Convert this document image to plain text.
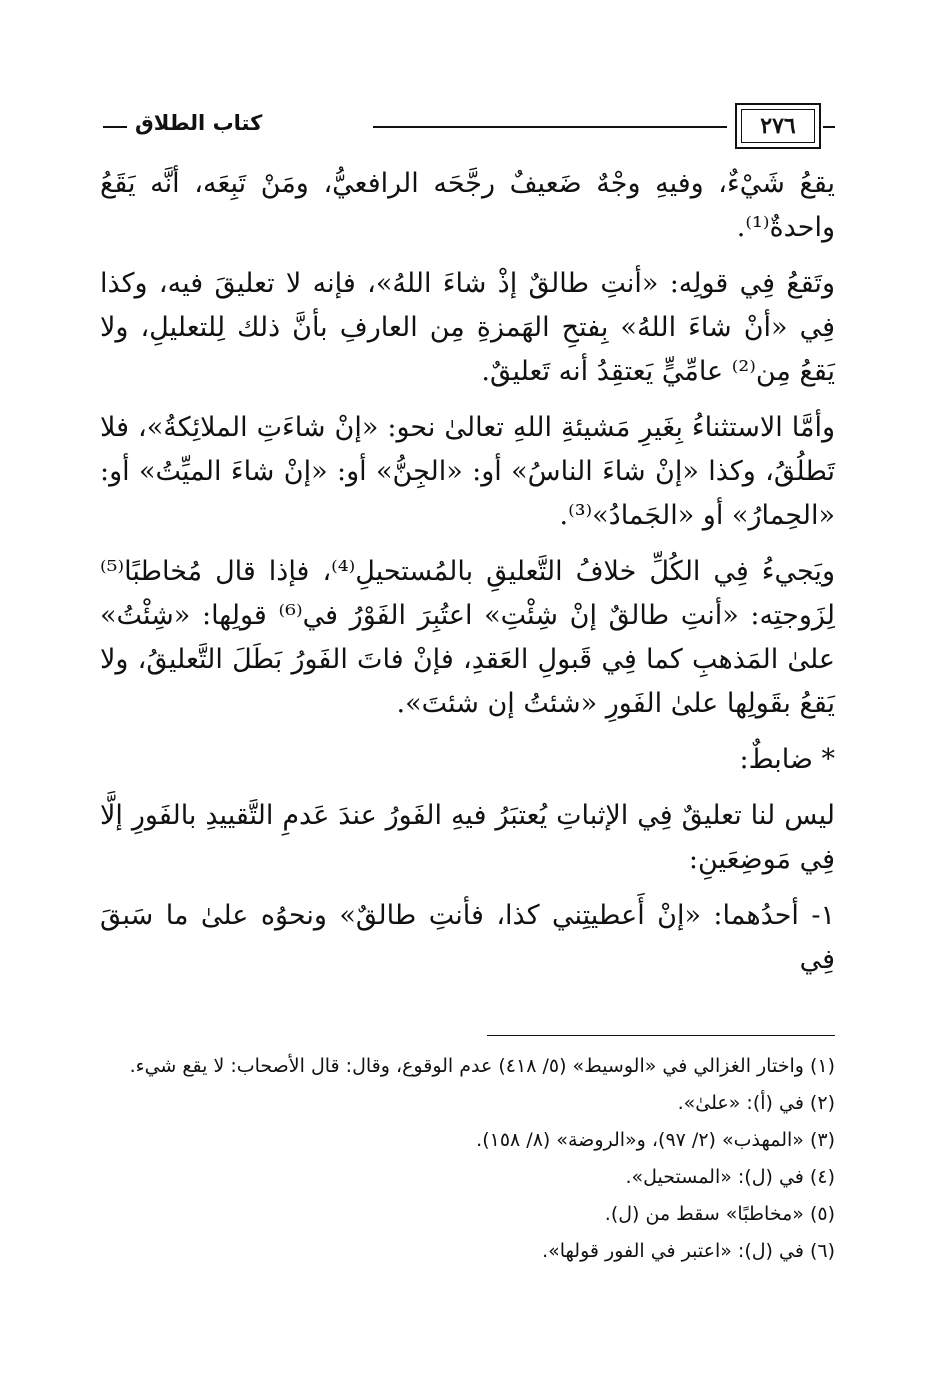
٢٧٦
كتاب الطلاق

يقعُ شَيْءٌ، وفيهِ وجْهٌ ضَعيفٌ رجَّحَه الرافعيُّ، ومَنْ تَبِعَه، أنَّه يَقَعُ واحدةٌ⁽¹⁾.

وتَقعُ فِي قولِه: «أنتِ طالقٌ إذْ شاءَ اللهُ»، فإنه لا تعليقَ فيه، وكذا فِي «أنْ شاءَ اللهُ» بِفتحِ الهَمزةِ مِن العارفِ بأنَّ ذلك لِلتعليلِ، ولا يَقعُ مِن⁽²⁾ عامِّيٍّ يَعتقِدُ أنه تَعليقٌ.

وأمَّا الاستثناءُ بِغَيرِ مَشيئةِ اللهِ تعالىٰ نحو: «إنْ شاءَتِ الملائِكةُ»، فلا تَطلُقُ، وكذا «إنْ شاءَ الناسُ» أو: «الجِنُّ» أو: «إنْ شاءَ الميِّتُ» أو: «الحِمارُ» أو «الجَمادُ»⁽³⁾.

ويَجيءُ فِي الكُلِّ خلافُ التَّعليقِ بالمُستحيلِ⁽⁴⁾، فإذا قال مُخاطبًا⁽⁵⁾ لِزَوجتِه: «أنتِ طالقٌ إنْ شِئْتِ» اعتُبِرَ الفَوْرُ في⁽⁶⁾ قولِها: «شِئْتُ» علىٰ المَذهبِ كما فِي قَبولِ العَقدِ، فإنْ فاتَ الفَورُ بَطَلَ التَّعليقُ، ولا يَقعُ بقَولِها علىٰ الفَورِ «شئتُ إن شئتَ».

* ضابطٌ:

ليس لنا تعليقٌ فِي الإثباتِ يُعتبَرُ فيهِ الفَورُ عندَ عَدمِ التَّقييدِ بالفَورِ إلَّا فِي مَوضِعَينِ:

١- أحدُهما: «إنْ أَعطيتِني كذا، فأنتِ طالقٌ» ونحوُه علىٰ ما سَبقَ فِي

(١) واختار الغزالي في «الوسيط» (٥/ ٤١٨) عدم الوقوع، وقال: قال الأصحاب: لا يقع شيء.

(٢) في (أ): «علىٰ».

(٣) «المهذب» (٢/ ٩٧)، و«الروضة» (٨/ ١٥٨).

(٤) في (ل): «المستحيل».

(٥) «مخاطبًا» سقط من (ل).

(٦) في (ل): «اعتبر في الفور قولها».
